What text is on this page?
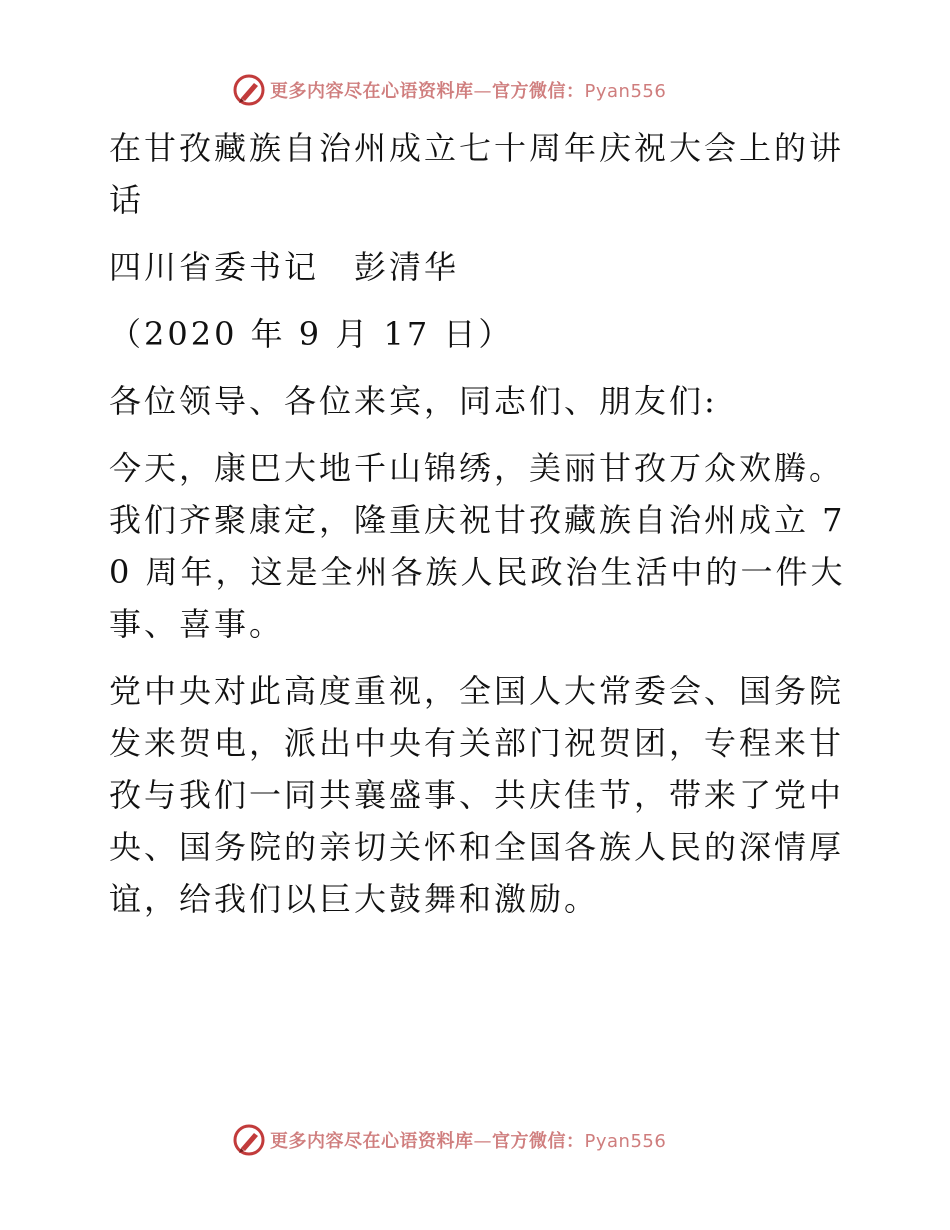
更多内容尽在心语资料库—官方微信：Pyan556

在甘孜藏族自治州成立七十周年庆祝大会上的讲话

四川省委书记　彭清华

（2020 年 9 月 17 日）

各位领导、各位来宾，同志们、朋友们:

今天，康巴大地千山锦绣，美丽甘孜万众欢腾。我们齐聚康定，隆重庆祝甘孜藏族自治州成立 70 周年，这是全州各族人民政治生活中的一件大事、喜事。

党中央对此高度重视，全国人大常委会、国务院发来贺电，派出中央有关部门祝贺团，专程来甘孜与我们一同共襄盛事、共庆佳节，带来了党中央、国务院的亲切关怀和全国各族人民的深情厚谊，给我们以巨大鼓舞和激励。

更多内容尽在心语资料库—官方微信：Pyan556
